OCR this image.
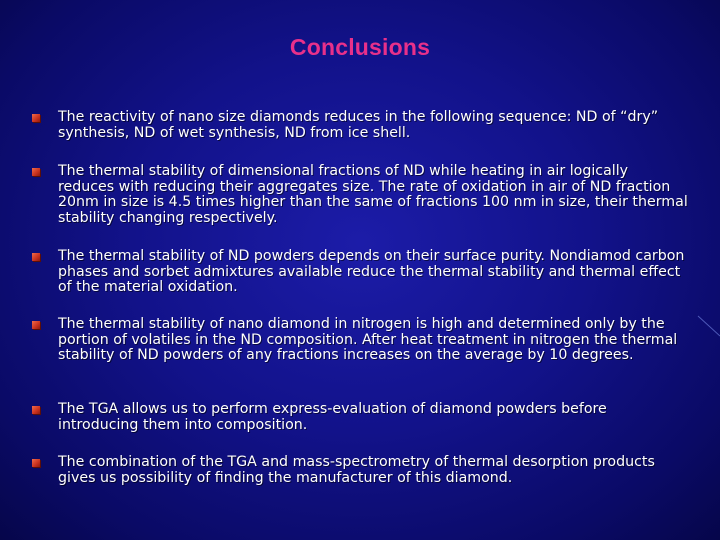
Conclusions
The reactivity of nano size diamonds reduces in the following sequence: ND of “dry” synthesis, ND of wet synthesis, ND from ice shell.
The thermal stability of dimensional fractions of ND while heating in air logically reduces with reducing their aggregates size. The rate of oxidation in air of ND fraction 20nm in size is 4.5 times higher than the same of fractions 100 nm in size, their thermal stability changing respectively.
The thermal stability of ND powders depends on their surface purity. Nondiamod carbon phases and sorbet admixtures available reduce the thermal stability and thermal effect of the material oxidation.
The thermal stability of nano diamond in nitrogen is high and determined only by the portion of volatiles in the ND composition. After heat treatment in nitrogen the thermal stability of ND powders of any fractions increases on the average by 10 degrees.
The TGA allows us to perform express-evaluation of diamond powders before introducing them into composition.
The combination of the TGA and mass-spectrometry of thermal desorption products gives us possibility of finding the manufacturer of this diamond.
